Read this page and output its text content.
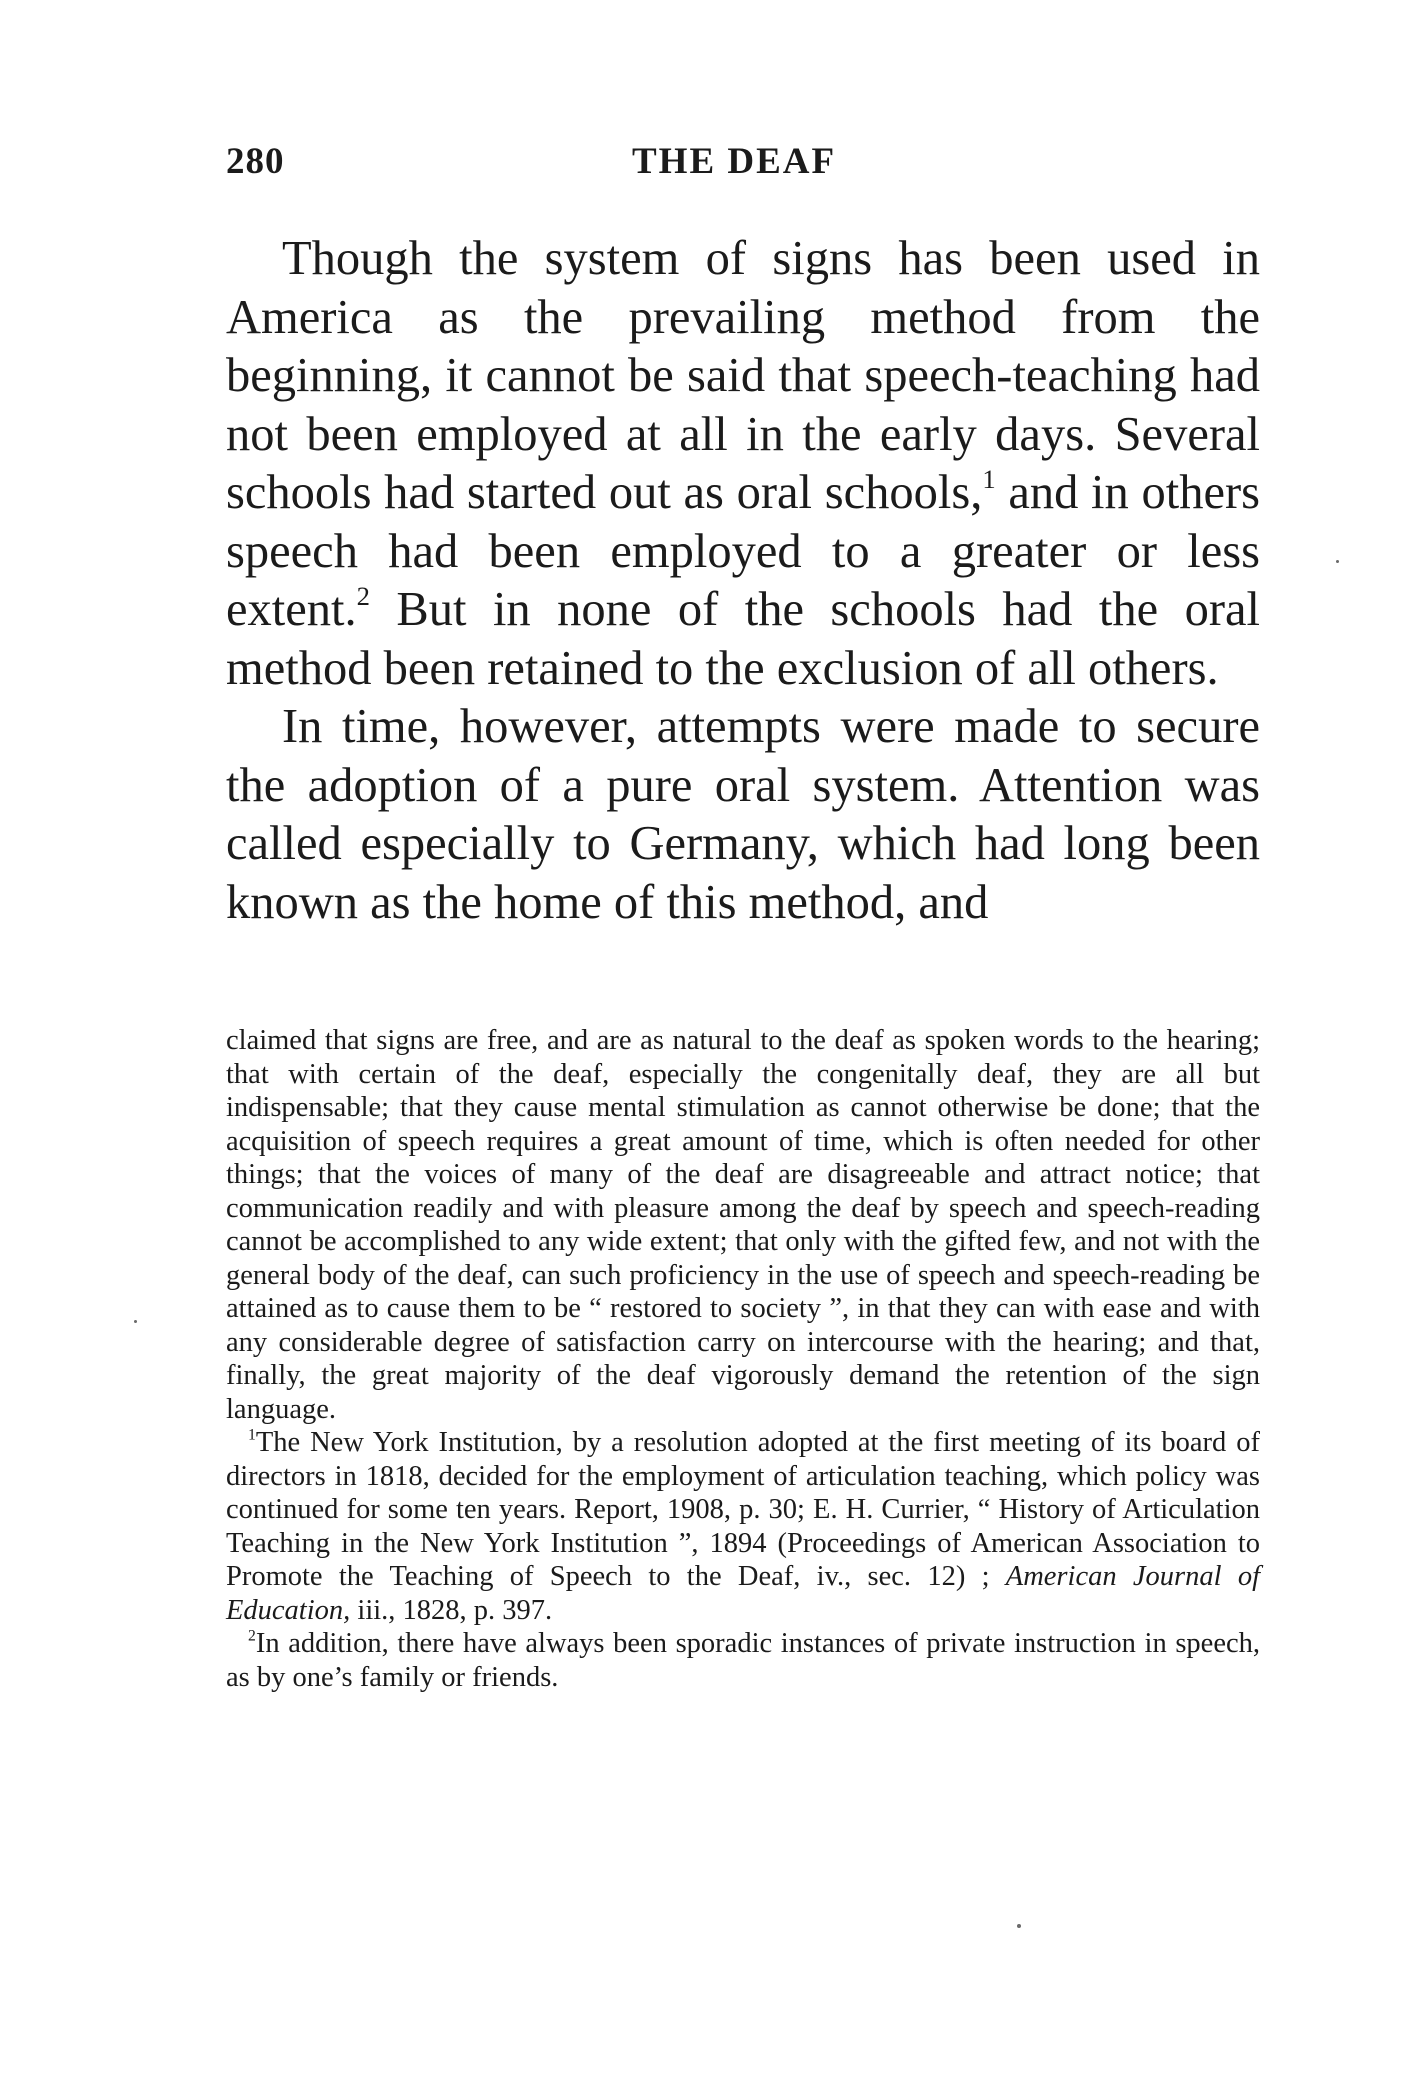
280	THE DEAF

Though the system of signs has been used in America as the prevailing method from the beginning, it cannot be said that speech-teaching had not been employed at all in the early days. Several schools had started out as oral schools,$^1$ and in others speech had been employed to a greater or less extent.$^2$ But in none of the schools had the oral method been retained to the exclusion of all others.

In time, however, attempts were made to secure the adoption of a pure oral system. Attention was called especially to Germany, which had long been known as the home of this method, and

claimed that signs are free, and are as natural to the deaf as spoken words to the hearing; that with certain of the deaf, especially the congenitally deaf, they are all but indispensable; that they cause mental stimulation as cannot otherwise be done; that the acquisition of speech requires a great amount of time, which is often needed for other things; that the voices of many of the deaf are disagreeable and attract notice; that communication readily and with pleasure among the deaf by speech and speech-reading cannot be accomplished to any wide extent; that only with the gifted few, and not with the general body of the deaf, can such proficiency in the use of speech and speech-reading be attained as to cause them to be “ restored to society ”, in that they can with ease and with any considerable degree of satisfaction carry on intercourse with the hearing; and that, finally, the great majority of the deaf vigorously demand the retention of the sign language.

$^1$The New York Institution, by a resolution adopted at the first meeting of its board of directors in 1818, decided for the employment of articulation teaching, which policy was continued for some ten years. Report, 1908, p. 30; E. H. Currier, “ History of Articulation Teaching in the New York Institution ”, 1894 (Proceedings of American Association to Promote the Teaching of Speech to the Deaf, iv., sec. 12) ; American Journal of Education, iii., 1828, p. 397.

$^2$In addition, there have always been sporadic instances of private instruction in speech, as by one’s family or friends.
